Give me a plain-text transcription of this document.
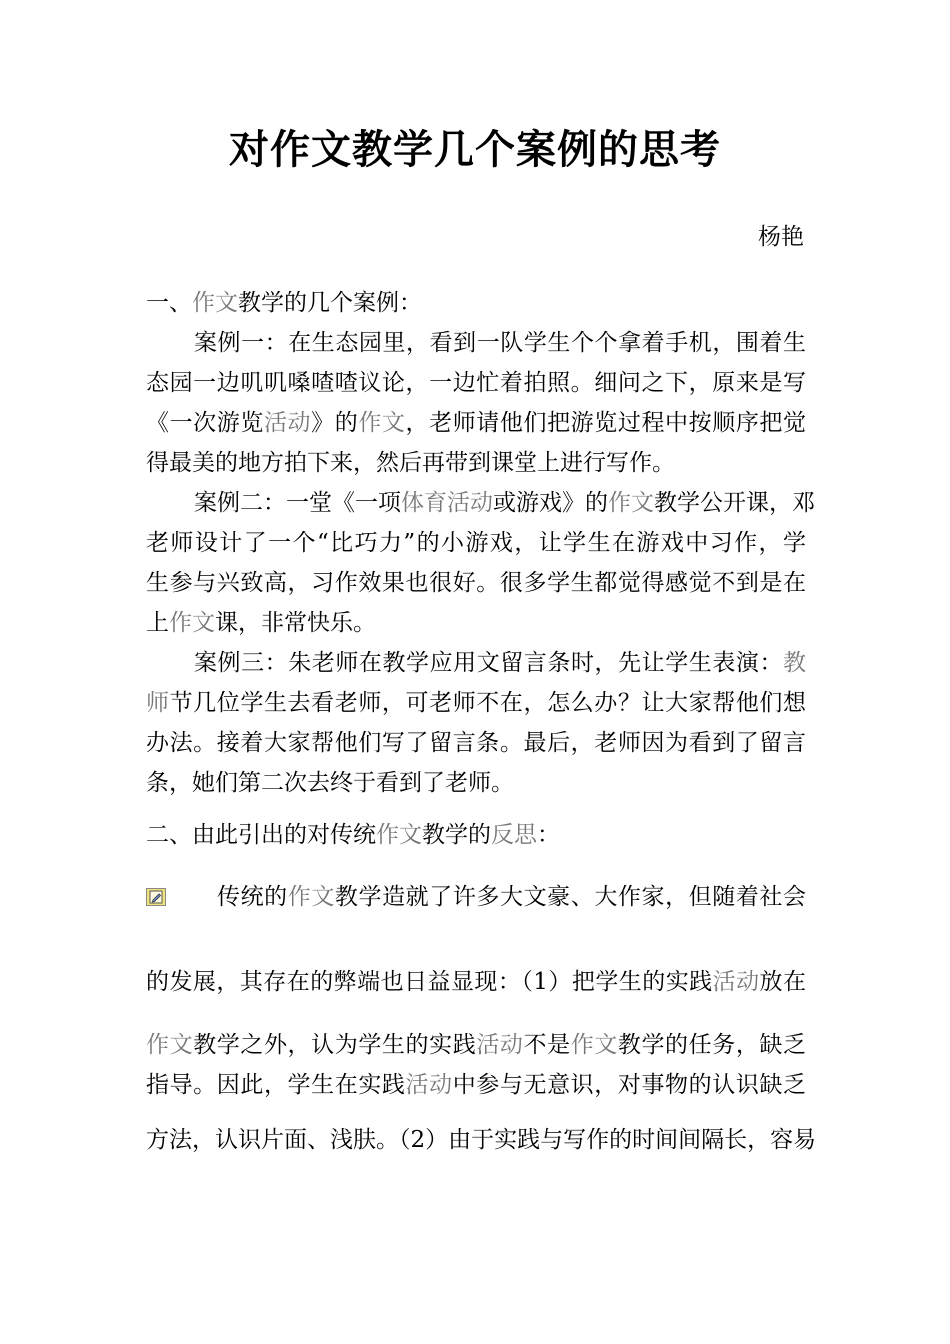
对作文教学几个案例的思考
杨艳
一、作文教学的几个案例：
案例一：在生态园里，看到一队学生个个拿着手机，围着生
态园一边叽叽嗓喳喳议论，一边忙着拍照。细问之下，原来是写
《一次游览活动》的作文，老师请他们把游览过程中按顺序把觉
得最美的地方拍下来，然后再带到课堂上进行写作。
案例二：一堂《一项体育活动或游戏》的作文教学公开课，邓
老师设计了一个“比巧力”的小游戏，让学生在游戏中习作，学
生参与兴致高，习作效果也很好。很多学生都觉得感觉不到是在
上作文课，非常快乐。
案例三：朱老师在教学应用文留言条时，先让学生表演：教
师节几位学生去看老师，可老师不在，怎么办？让大家帮他们想
办法。接着大家帮他们写了留言条。最后，老师因为看到了留言
条，她们第二次去终于看到了老师。
二、由此引出的对传统作文教学的反思：
传统的作文教学造就了许多大文豪、大作家，但随着社会
的发展，其存在的弊端也日益显现：（1）把学生的实践活动放在
作文教学之外，认为学生的实践活动不是作文教学的任务，缺乏
指导。因此，学生在实践活动中参与无意识，对事物的认识缺乏
方法，认识片面、浅肤。（2）由于实践与写作的时间间隔长，容易
